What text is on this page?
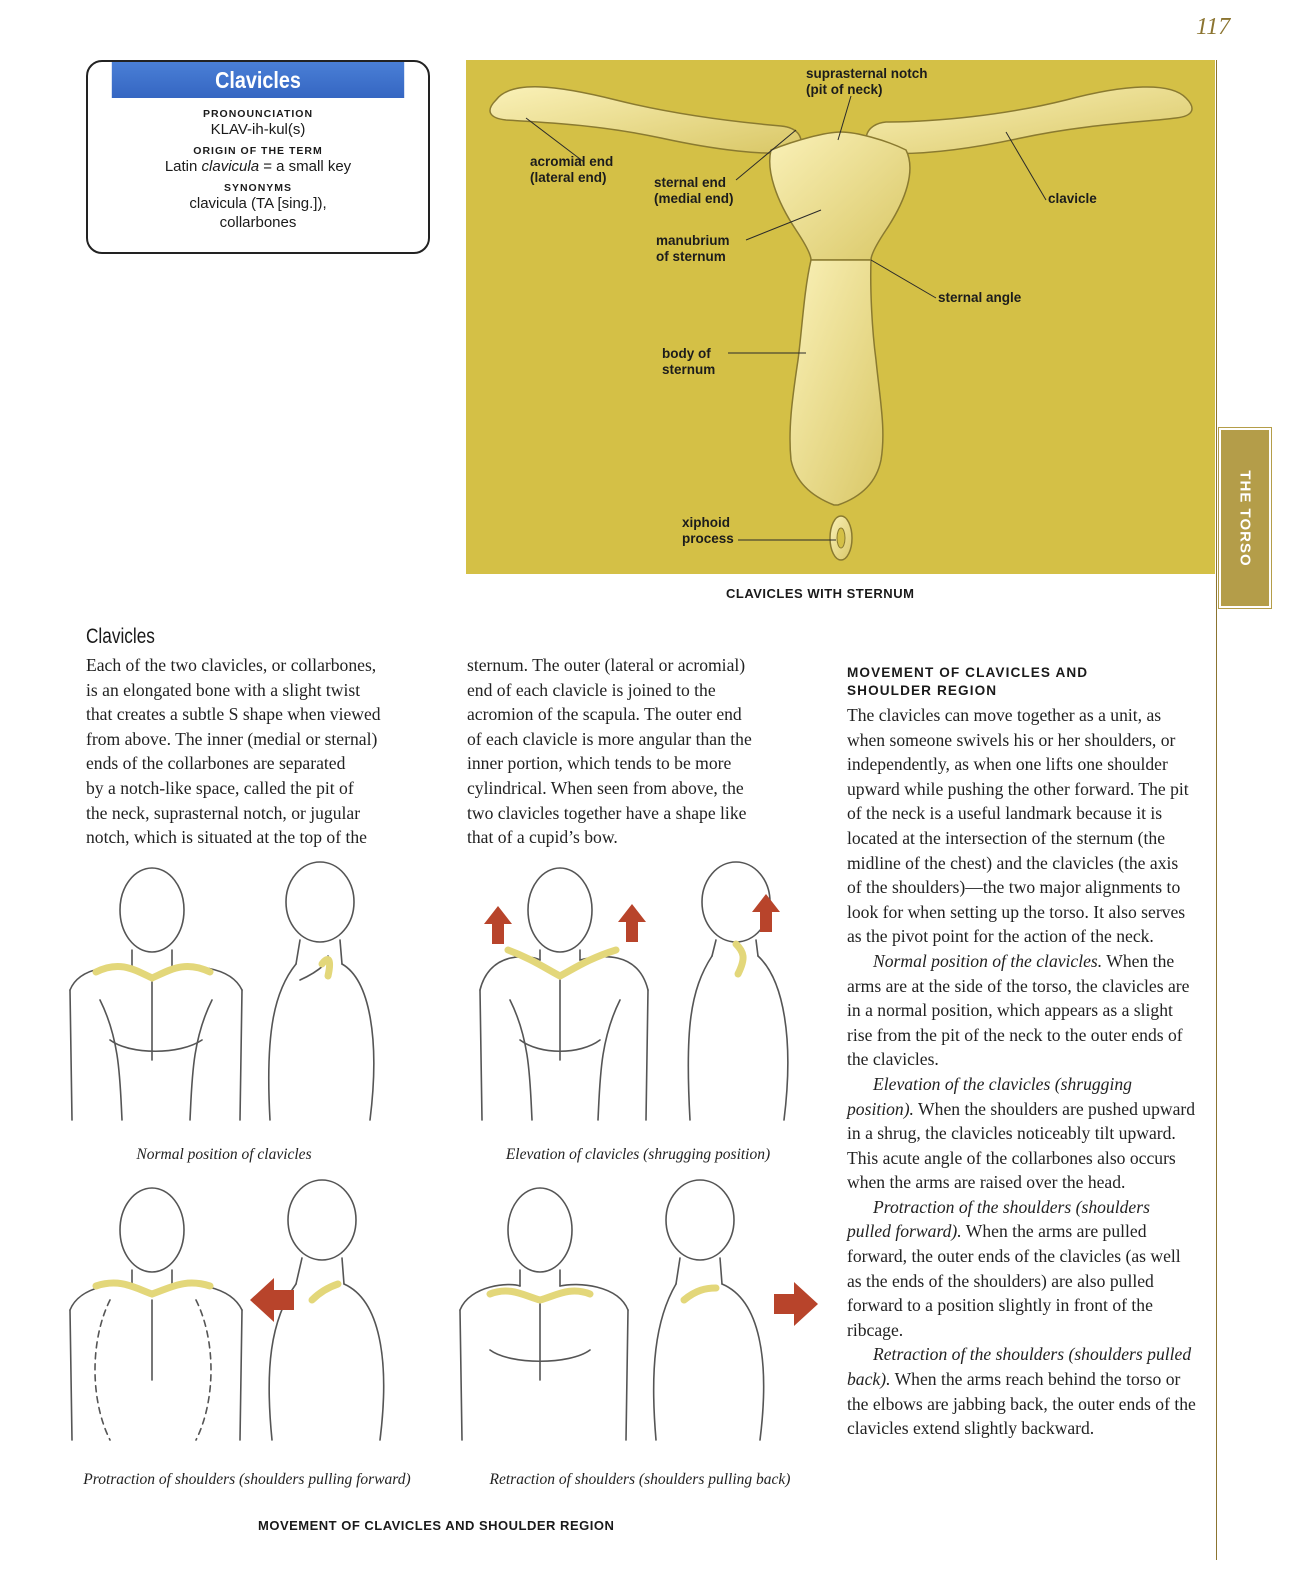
117
THE TORSO
Clavicles
PRONOUNCIATION
KLAV-ih-kul(s)
ORIGIN OF THE TERM
Latin clavicula = a small key
SYNONYMS
clavicula (TA [sing.]),
collarbones
suprasternal notch
(pit of neck)
acromial end
(lateral end)	sternal end
(medial end)	clavicle
manubrium
of sternum
sternal angle
body of
sternum
xiphoid
process
CLAVICLES WITH STERNUM
Clavicles

Each of the two clavicles, or collarbones,

is an elongated bone with a slight twist

that creates a subtle S shape when viewed

from above. The inner (medial or sternal)

ends of the collarbones are separated

by a notch-like space, called the pit of

the neck, suprasternal notch, or jugular

notch, which is situated at the top of the

sternum. The outer (lateral or acromial)

end of each clavicle is joined to the

acromion of the scapula. The outer end

of each clavicle is more angular than the

inner portion, which tends to be more

cylindrical. When seen from above, the

two clavicles together have a shape like

that of a cupid’s bow.

MOVEMENT OF CLAVICLES AND
SHOULDER REGION

The clavicles can move together as a unit, as when someone swivels his or her shoulders, or independently, as when one lifts one shoulder upward while pushing the other forward. The pit of the neck is a useful landmark because it is located at the intersection of the sternum (the midline of the chest) and the clavicles (the axis of the shoulders)—the two major alignments to look for when setting up the torso. It also serves as the pivot point for the action of the neck.

Normal position of the clavicles. When the arms are at the side of the torso, the clavicles are in a normal position, which appears as a slight rise from the pit of the neck to the outer ends of the clavicles.

Elevation of the clavicles (shrugging position). When the shoulders are pushed upward in a shrug, the clavicles noticeably tilt upward. This acute angle of the collarbones also occurs when the arms are raised over the head.

Protraction of the shoulders (shoulders pulled forward). When the arms are pulled forward, the outer ends of the clavicles (as well as the ends of the shoulders) are also pulled forward to a position slightly in front of the ribcage.

Retraction of the shoulders (shoulders pulled back). When the arms reach behind the torso or the elbows are jabbing back, the outer ends of the clavicles extend slightly backward.

Normal position of clavicles	Elevation of clavicles (shrugging position)
Protraction of shoulders (shoulders pulling forward)	Retraction of shoulders (shoulders pulling back)
MOVEMENT OF CLAVICLES AND SHOULDER REGION
